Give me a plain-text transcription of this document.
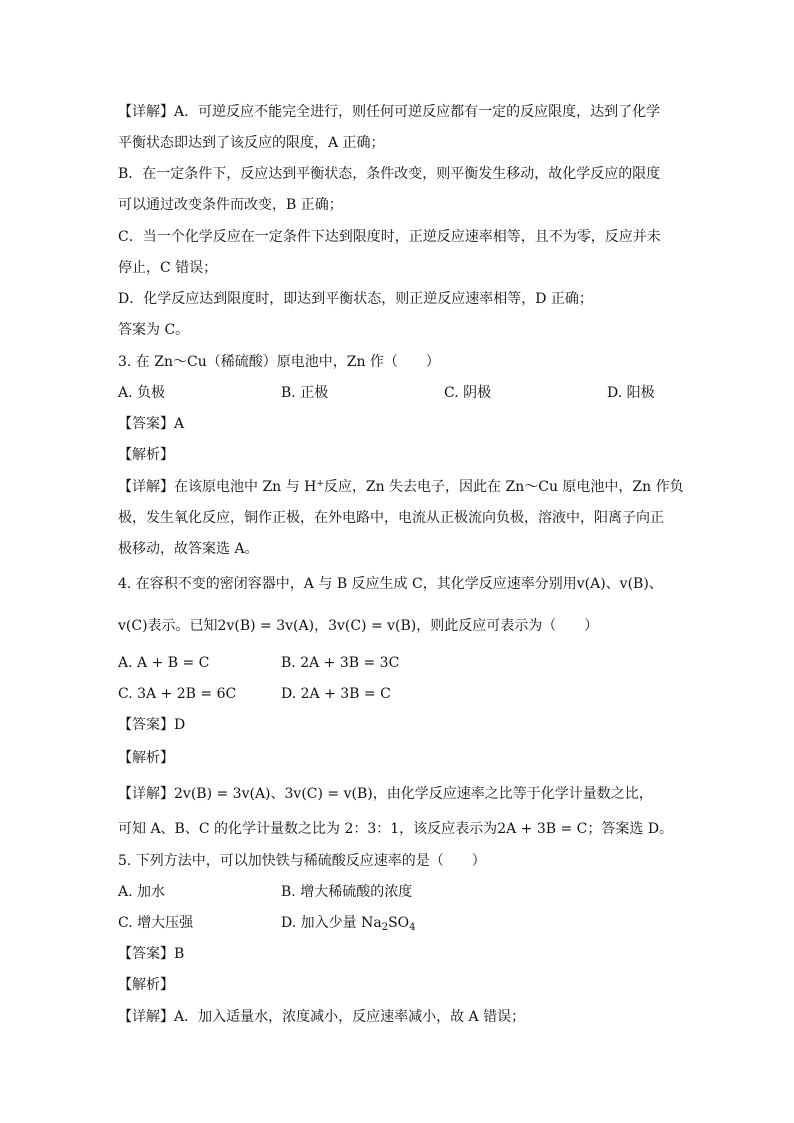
【详解】A．可逆反应不能完全进行，则任何可逆反应都有一定的反应限度，达到了化学
平衡状态即达到了该反应的限度，A 正确；
B．在一定条件下，反应达到平衡状态，条件改变，则平衡发生移动，故化学反应的限度
可以通过改变条件而改变，B 正确；
C．当一个化学反应在一定条件下达到限度时，正逆反应速率相等，且不为零，反应并未
停止，C 错误；
D．化学反应达到限度时，即达到平衡状态，则正逆反应速率相等，D 正确；
答案为 C。
3. 在 Zn～Cu（稀硫酸）原电池中，Zn 作（　　）
A. 负极	B. 正极	C. 阴极	D. 阳极
【答案】A
【解析】
【详解】在该原电池中 Zn 与 H+反应，Zn 失去电子，因此在 Zn～Cu 原电池中，Zn 作负
极，发生氧化反应，铜作正极，在外电路中，电流从正极流向负极，溶液中，阳离子向正
极移动，故答案选 A。
4. 在容积不变的密闭容器中，A 与 B 反应生成 C，其化学反应速率分别用v(A)、v(B)、
v(C)表示。已知2v(B) = 3v(A)，3v(C) = v(B)，则此反应可表示为（　　）
A. A + B = C	B. 2A + 3B = 3C
C. 3A + 2B = 6C	D. 2A + 3B = C
【答案】D
【解析】
【详解】2v(B) = 3v(A)、3v(C) = v(B)，由化学反应速率之比等于化学计量数之比，
可知 A、B、C 的化学计量数之比为 2：3：1，该反应表示为2A + 3B = C；答案选 D。
5. 下列方法中，可以加快铁与稀硫酸反应速率的是（　　）
A. 加水	B. 增大稀硫酸的浓度
C. 增大压强	D. 加入少量 $Na_2SO_4$
【答案】B
【解析】
【详解】A．加入适量水，浓度减小，反应速率减小，故 A 错误；
